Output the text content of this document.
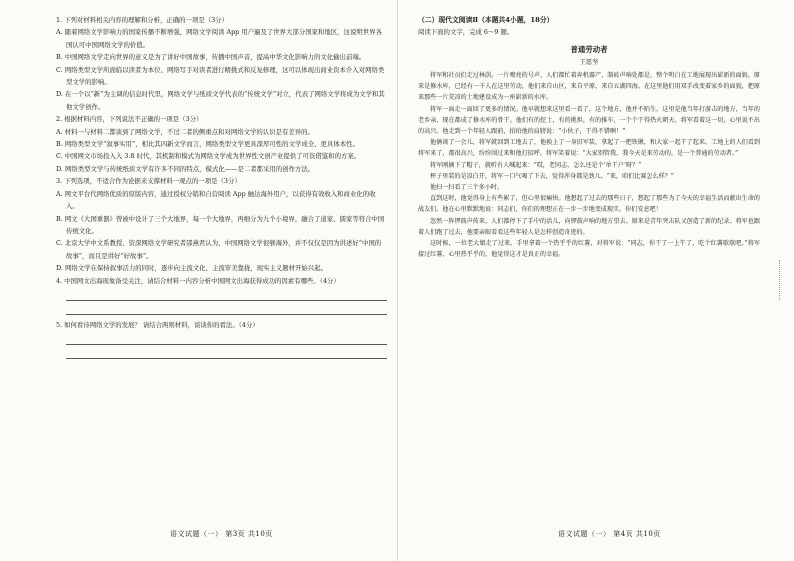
1. 下列对材料相关内容的理解和分析，正确的一项是（3分）

A. 随着网络文学影响力的国家传播不断增强，网络文学阅读 App 用户遍及了世界大部分国家和地区，这说明世界各国认可中国网络文学的价值。

B. 中国网络文学走向世界的意义是为了讲好中国故事，传播中国声音，提高中华文化影响力的文化输出前端。

C. 网络类型文学所面临以读者为本位、网络写手对读者进行精挑式和反复修理，这可以体现出商业资本介入对网络类型文学的影响。

D. 在一个以“新”为主调的信息时代里，网络文学与纸质文学代表的“传统文学”对立，代表了网络文学将成为文学和其他文学创作。

2. 根据材料内容，下列说法不正确的一项是（3分）

A. 材料一与材料二都谈到了网络文学，不过二者的侧重点和对网络文学的认识是有差异的。

B. 网络类型文学“叙事实用”，相比其四新文学而言，网络类型文学更具深厚可性的文学成全、更具体本性。

C. 中国网文市场投入入 3.8 时代，其机制和模式为网络文学成为世界性文创产业提供了可资借鉴和的方案。

D. 网络类型文学与传统纸质文学有许多不同的特点，模式化——是二者都采用的创作方法。

3. 下列选项，不适合作为论据来支撑材料一观点的一项是（3分）

A. 网文平台代网络优质的原版内容，通过授权分销和自营阅读 App 触达海外用户，以获得有效收入和商业化的收入。

B. 网文《大国重器》曾被中设计了三个大地界，每一个大地界，再细分为九个小境界，融合了道家、儒家等符合中国传统文化。

C. 北京大学中文系教授、资深网络文学研究者邵燕君认为，中国网络文学很够海外，并不仅仅是因为讲述好“中国的故事”，而且是讲好“好故事”。

D. 网络文学在保持叙事活力的同时，逐步向主流文化、主流审美靠拢，现实主义题材开始兴起。

4. 中国网文出海现象备受关注，请结合材料一内容分析中国网文出海获得成功的因素有哪些。（4分）

5. 如何看待网络文学的发展？ 请结合两则材料，谈谈你的看法。（4分）

语文试题（一） 第3页 共10页

（二）现代文阅读Ⅱ（本题共4小题，18分）

阅读下面的文字，完成 6～9 题。

普通劳动者

王愿坚

将军和社员们走过林荫。一片嘹亮的号声，人们都忙着奔机器产，制砖声响处都是，整个明白在工地展现出崭新的面貌。原来是修水库，已经有一千人在这里劳动，他们来自山区，来自平原，来自五湖四海。在这里他们用双手改变着家乡的面貌，把原来那些一片荒凉的土地建设成为一座崭新的水库。

将军一面走一面回了更多的情况。他早就想来这里看一看了，这个地方，他并不陌生。这里是他当年打游击的地方，当年的老乡亲，现在都成了修水库的骨干。他们有的挖土，有的挑担，有的推车，一个个干得热火朝天。将军看着这一切，心里说不出的高兴。他走到一个年轻人跟前，拍拍他的肩膀说：“小伙子，干得不错啊！”

他俩谈了一会儿，将军就回到工地去了，他换上了一身旧军装，拿起了一把铁锹，和大家一起干了起来。工地上的人们看到将军来了，都很高兴，纷纷围过来和他打招呼。将军笑着说：“大家别管我，我今天是来劳动的，是一个普通的劳动者。”

将军刚摘下了帽子，就听有人喊起来：“哎，老同志，怎么还是个‘单干户’呀？”

杯子里装的是凉白开，将军一口气喝了下去，觉得浑身都是劲儿。“来，咱们比赛怎么样？”

他扫一扫看了三个多小时。

直到这时，他觉得身上有些累了，但心里很痛快。他想起了过去的那些日子，想起了那些为了今天的幸福生活而献出生命的战友们。他在心里默默地说：同志们，你们的理想正在一步一步地变成现实，你们安息吧！

忽然一阵锣鼓声传来，人们都停下了手中的活儿，向锣鼓声响的地方望去。原来是青年突击队又创造了新的纪录。将军也跟着人们跑了过去，他要亲眼看看这些年轻人是怎样创造奇迹的。

这时候，一位老大娘走了过来，手里拿着一个热乎乎的红薯，对将军说：“同志，你干了一上午了，吃个红薯歇歇吧。”将军接过红薯，心里热乎乎的，他觉得这才是真正的幸福。

语文试题（一） 第4页 共10页
